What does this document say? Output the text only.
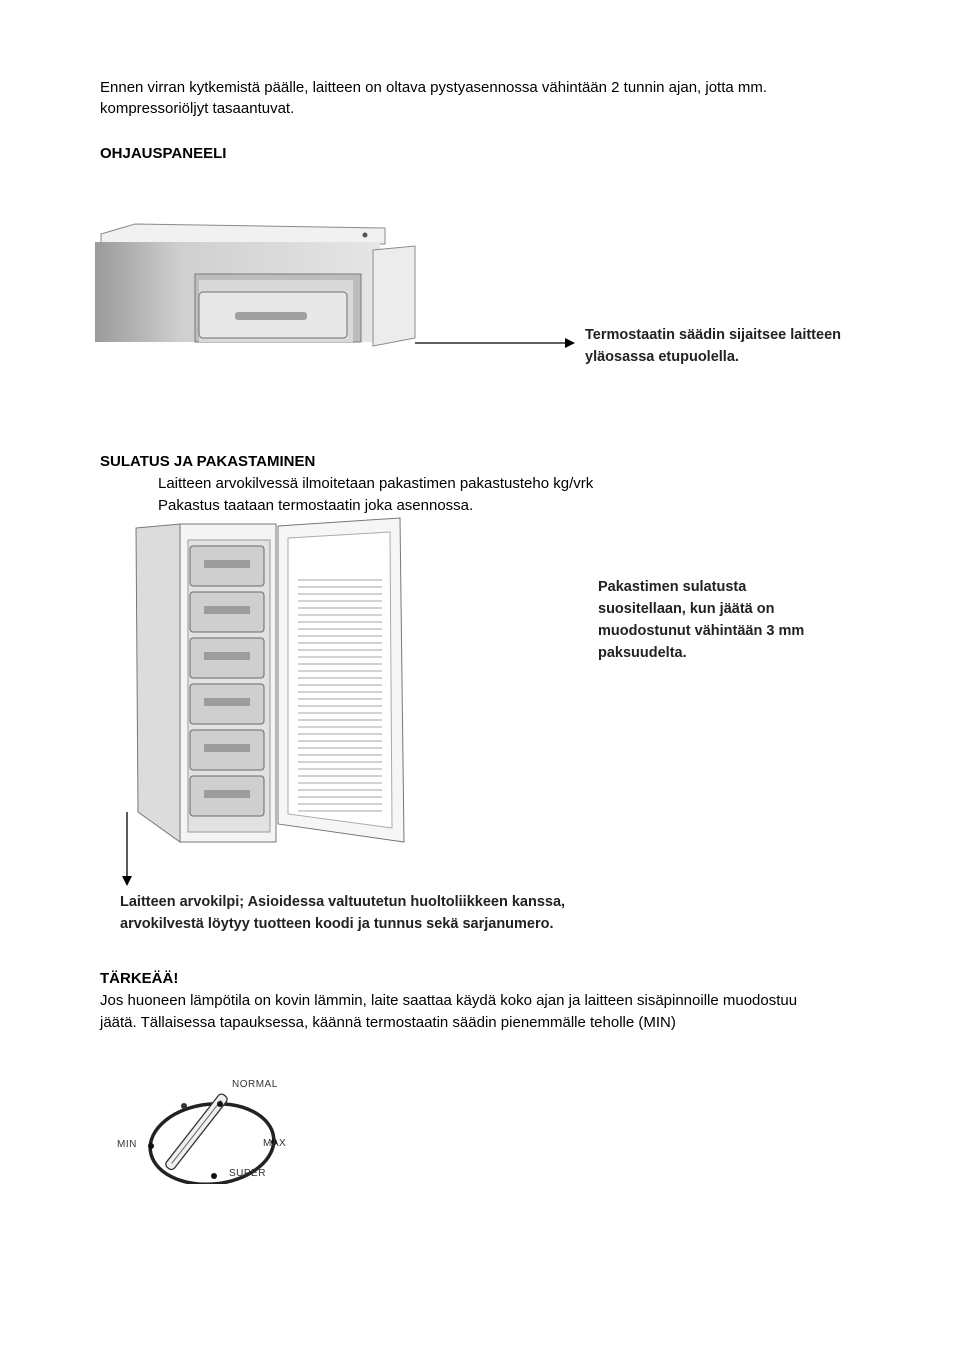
Ennen virran kytkemistä päälle, laitteen on oltava pystyasennossa vähintään 2 tunnin ajan, jotta mm.
kompressoriöljyt tasaantuvat.
OHJAUSPANEELI
Termostaatin säädin sijaitsee laitteen
yläosassa etupuolella.
SULATUS JA PAKASTAMINEN
Laitteen arvokilvessä ilmoitetaan pakastimen pakastusteho kg/vrk
Pakastus taataan termostaatin joka asennossa.
Pakastimen sulatusta
suositellaan, kun jäätä on
muodostunut vähintään 3 mm
paksuudelta.
Laitteen arvokilpi; Asioidessa valtuutetun huoltoliikkeen kanssa,
arvokilvestä löytyy tuotteen koodi ja tunnus sekä sarjanumero.
TÄRKEÄÄ!
Jos huoneen lämpötila on kovin lämmin, laite saattaa käydä koko ajan ja laitteen sisäpinnoille muodostuu
jäätä. Tällaisessa tapauksessa, käännä termostaatin säädin pienemmälle teholle (MIN)
MIN
NORMAL
MAX
SUPER
